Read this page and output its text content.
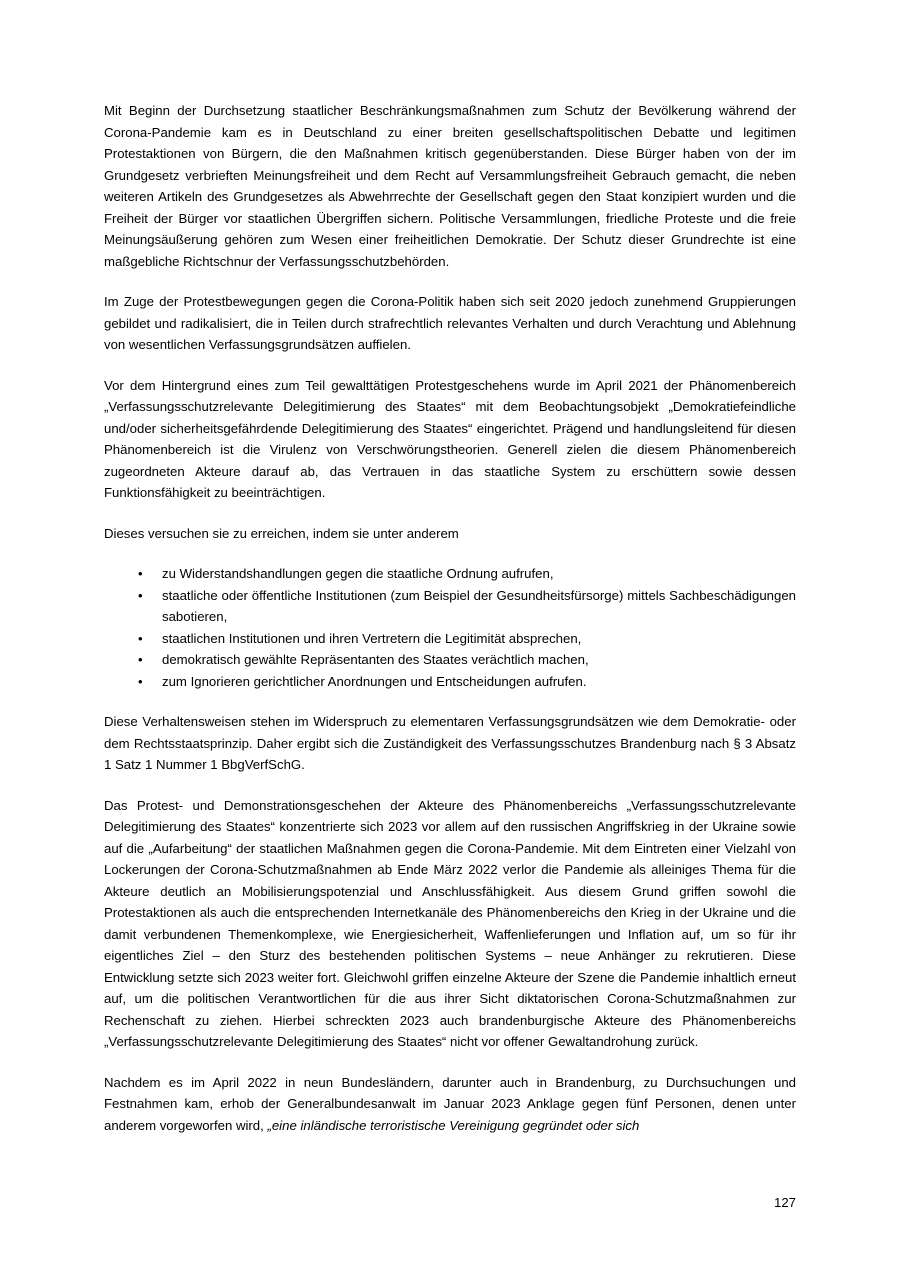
Mit Beginn der Durchsetzung staatlicher Beschränkungsmaßnahmen zum Schutz der Bevölkerung während der Corona-Pandemie kam es in Deutschland zu einer breiten gesellschaftspolitischen Debatte und legitimen Protestaktionen von Bürgern, die den Maßnahmen kritisch gegenüberstanden. Diese Bürger haben von der im Grundgesetz verbrieften Meinungsfreiheit und dem Recht auf Versammlungsfreiheit Gebrauch gemacht, die neben weiteren Artikeln des Grundgesetzes als Abwehrrechte der Gesellschaft gegen den Staat konzipiert wurden und die Freiheit der Bürger vor staatlichen Übergriffen sichern. Politische Versammlungen, friedliche Proteste und die freie Meinungsäußerung gehören zum Wesen einer freiheitlichen Demokratie. Der Schutz dieser Grundrechte ist eine maßgebliche Richtschnur der Verfassungsschutzbehörden.

Im Zuge der Protestbewegungen gegen die Corona-Politik haben sich seit 2020 jedoch zunehmend Gruppierungen gebildet und radikalisiert, die in Teilen durch strafrechtlich relevantes Verhalten und durch Verachtung und Ablehnung von wesentlichen Verfassungsgrundsätzen auffielen.

Vor dem Hintergrund eines zum Teil gewalttätigen Protestgeschehens wurde im April 2021 der Phänomenbereich „Verfassungsschutzrelevante Delegitimierung des Staates“ mit dem Beobachtungsobjekt „Demokratiefeindliche und/oder sicherheitsgefährdende Delegitimierung des Staates“ eingerichtet. Prägend und handlungsleitend für diesen Phänomenbereich ist die Virulenz von Verschwörungstheorien. Generell zielen die diesem Phänomenbereich zugeordneten Akteure darauf ab, das Vertrauen in das staatliche System zu erschüttern sowie dessen Funktionsfähigkeit zu beeinträchtigen.

Dieses versuchen sie zu erreichen, indem sie unter anderem

• zu Widerstandshandlungen gegen die staatliche Ordnung aufrufen,
• staatliche oder öffentliche Institutionen (zum Beispiel der Gesundheitsfürsorge) mittels Sachbeschädigungen sabotieren,
• staatlichen Institutionen und ihren Vertretern die Legitimität absprechen,
• demokratisch gewählte Repräsentanten des Staates verächtlich machen,
• zum Ignorieren gerichtlicher Anordnungen und Entscheidungen aufrufen.

Diese Verhaltensweisen stehen im Widerspruch zu elementaren Verfassungsgrundsätzen wie dem Demokratie- oder dem Rechtsstaatsprinzip. Daher ergibt sich die Zuständigkeit des Verfassungsschutzes Brandenburg nach § 3 Absatz 1 Satz 1 Nummer 1 BbgVerfSchG.

Das Protest- und Demonstrationsgeschehen der Akteure des Phänomenbereichs „Verfassungsschutzrelevante Delegitimierung des Staates“ konzentrierte sich 2023 vor allem auf den russischen Angriffskrieg in der Ukraine sowie auf die „Aufarbeitung“ der staatlichen Maßnahmen gegen die Corona-Pandemie. Mit dem Eintreten einer Vielzahl von Lockerungen der Corona-Schutzmaßnahmen ab Ende März 2022 verlor die Pandemie als alleiniges Thema für die Akteure deutlich an Mobilisierungspotenzial und Anschlussfähigkeit. Aus diesem Grund griffen sowohl die Protestaktionen als auch die entsprechenden Internetkanäle des Phänomenbereichs den Krieg in der Ukraine und die damit verbundenen Themenkomplexe, wie Energiesicherheit, Waffenlieferungen und Inflation auf, um so für ihr eigentliches Ziel – den Sturz des bestehenden politischen Systems – neue Anhänger zu rekrutieren. Diese Entwicklung setzte sich 2023 weiter fort. Gleichwohl griffen einzelne Akteure der Szene die Pandemie inhaltlich erneut auf, um die politischen Verantwortlichen für die aus ihrer Sicht diktatorischen Corona-Schutzmaßnahmen zur Rechenschaft zu ziehen. Hierbei schreckten 2023 auch brandenburgische Akteure des Phänomenbereichs „Verfassungsschutzrelevante Delegitimierung des Staates“ nicht vor offener Gewaltandrohung zurück.

Nachdem es im April 2022 in neun Bundesländern, darunter auch in Brandenburg, zu Durchsuchungen und Festnahmen kam, erhob der Generalbundesanwalt im Januar 2023 Anklage gegen fünf Personen, denen unter anderem vorgeworfen wird, „eine inländische terroristische Vereinigung gegründet oder sich

127
